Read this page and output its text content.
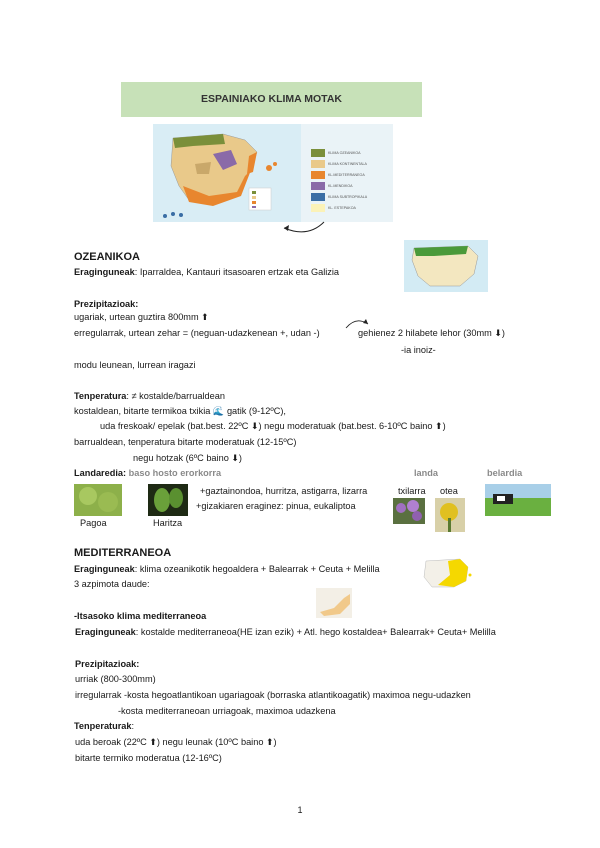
ESPAINIAKO KLIMA MOTAK
KLIMA OZEANIKOA
KLIMA KONTINENTALA
KL.MEDITERRANEOA
KL.MENDIKOA
KLIMA SUBTROPIKALA
KL. ESTEPAKOA
OZEANIKOA
Eraginguneak: Iparraldea, Kantauri itsasoaren ertzak eta Galizia
Prezipitazioak:
ugariak, urtean guztira 800mm ⬆
erregularrak, urtean zehar = (neguan-udazkenean +, udan -)	gehienez 2 hilabete lehor (30mm ⬇)
-ia inoiz-
modu leunean, lurrean iragazi
Tenperatura: ≠ kostalde/barrualdean
kostaldean, bitarte termikoa txikia 🌊 gatik (9-12ºC),
uda freskoak/ epelak (bat.best. 22ºC ⬇) negu moderatuak (bat.best. 6-10ºC baino ⬆)
barrualdean, tenperatura bitarte moderatuak (12-15ºC)
negu hotzak (6ºC baino ⬇)
Landaredia: baso hosto erorkorra	landa	belardia
+gaztainondoa, hurritza, astigarra, lizarra	txilarra otea
+gizakiaren eraginez: pinua, eukaliptoa
Pagoa	Haritza
MEDITERRANEOA
Eraginguneak: klima ozeanikotik hegoaldera + Balearrak + Ceuta + Melilla
3 azpimota daude:
-Itsasoko klima mediterraneoa
Eraginguneak: kostalde mediterraneoa(HE izan ezik) + Atl. hego kostaldea+ Balearrak+ Ceuta+ Melilla
Prezipitazioak:
urriak (800-300mm)
irregularrak -kosta hegoatlantikoan ugariagoak (borraska atlantikoagatik) maximoa negu-udazken
-kosta mediterraneoan urriagoak, maximoa udazkena
Tenperaturak:
uda beroak (22ºC ⬆) negu leunak (10ºC baino ⬆)
bitarte termiko moderatua (12-16ºC)
1
